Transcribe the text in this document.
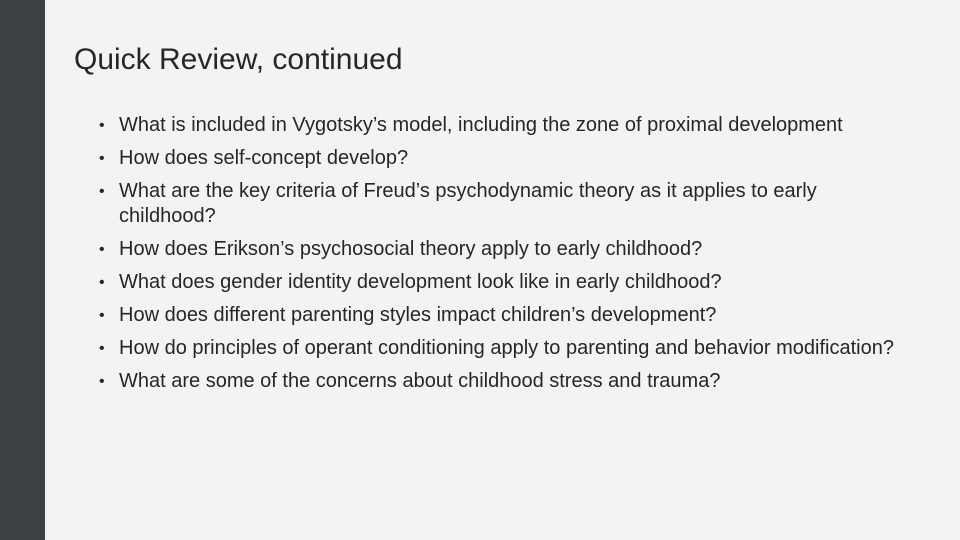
Quick Review, continued
• What is included in Vygotsky’s model, including the zone of proximal development
• How does self-concept develop?
• What are the key criteria of Freud’s psychodynamic theory as it applies to early childhood?
• How does Erikson’s psychosocial theory apply to early childhood?
• What does gender identity development look like in early childhood?
• How does different parenting styles impact children’s development?
• How do principles of operant conditioning apply to parenting and behavior modification?
• What are some of the concerns about childhood stress and trauma?
